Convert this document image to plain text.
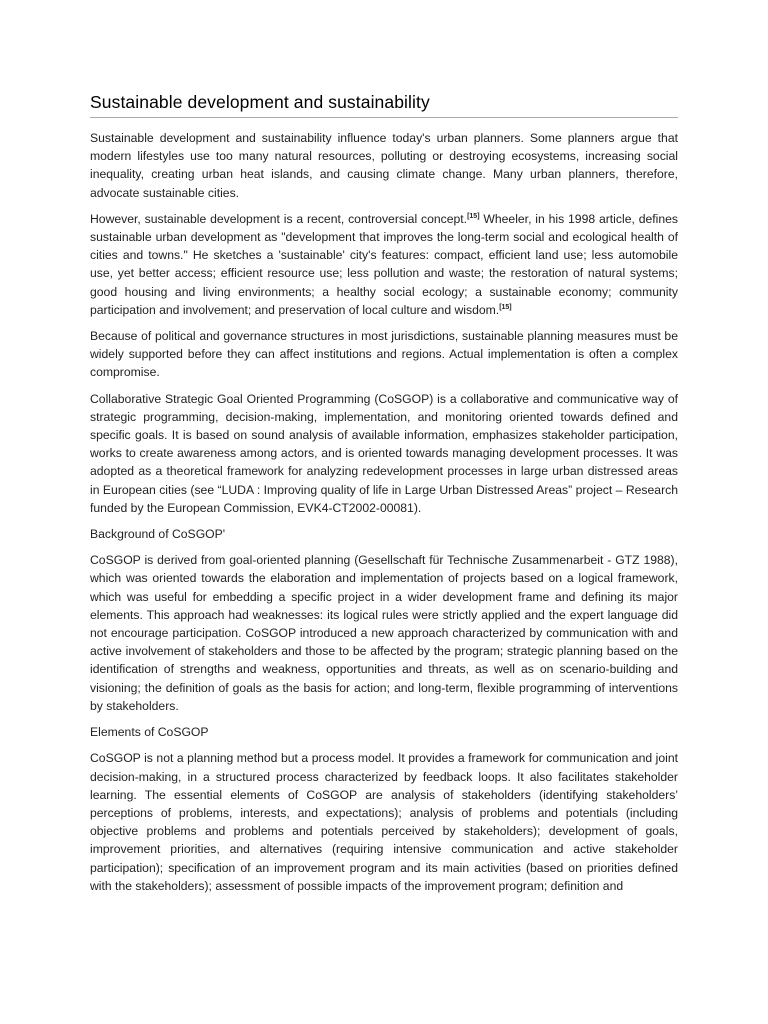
Sustainable development and sustainability

Sustainable development and sustainability influence today's urban planners. Some planners argue that modern lifestyles use too many natural resources, polluting or destroying ecosystems, increasing social inequality, creating urban heat islands, and causing climate change. Many urban planners, therefore, advocate sustainable cities.

However, sustainable development is a recent, controversial concept.[15] Wheeler, in his 1998 article, defines sustainable urban development as "development that improves the long-term social and ecological health of cities and towns." He sketches a 'sustainable' city's features: compact, efficient land use; less automobile use, yet better access; efficient resource use; less pollution and waste; the restoration of natural systems; good housing and living environments; a healthy social ecology; a sustainable economy; community participation and involvement; and preservation of local culture and wisdom.[15]

Because of political and governance structures in most jurisdictions, sustainable planning measures must be widely supported before they can affect institutions and regions. Actual implementation is often a complex compromise.

Collaborative Strategic Goal Oriented Programming (CoSGOP) is a collaborative and communicative way of strategic programming, decision-making, implementation, and monitoring oriented towards defined and specific goals. It is based on sound analysis of available information, emphasizes stakeholder participation, works to create awareness among actors, and is oriented towards managing development processes. It was adopted as a theoretical framework for analyzing redevelopment processes in large urban distressed areas in European cities (see “LUDA : Improving quality of life in Large Urban Distressed Areas” project – Research funded by the European Commission, EVK4-CT2002-00081).

Background of CoSGOP'

CoSGOP is derived from goal-oriented planning (Gesellschaft für Technische Zusammenarbeit - GTZ 1988), which was oriented towards the elaboration and implementation of projects based on a logical framework, which was useful for embedding a specific project in a wider development frame and defining its major elements. This approach had weaknesses: its logical rules were strictly applied and the expert language did not encourage participation. CoSGOP introduced a new approach characterized by communication with and active involvement of stakeholders and those to be affected by the program; strategic planning based on the identification of strengths and weakness, opportunities and threats, as well as on scenario-building and visioning; the definition of goals as the basis for action; and long-term, flexible programming of interventions by stakeholders.

Elements of CoSGOP

CoSGOP is not a planning method but a process model. It provides a framework for communication and joint decision-making, in a structured process characterized by feedback loops. It also facilitates stakeholder learning. The essential elements of CoSGOP are analysis of stakeholders (identifying stakeholders’ perceptions of problems, interests, and expectations); analysis of problems and potentials (including objective problems and problems and potentials perceived by stakeholders); development of goals, improvement priorities, and alternatives (requiring intensive communication and active stakeholder participation); specification of an improvement program and its main activities (based on priorities defined with the stakeholders); assessment of possible impacts of the improvement program; definition and
